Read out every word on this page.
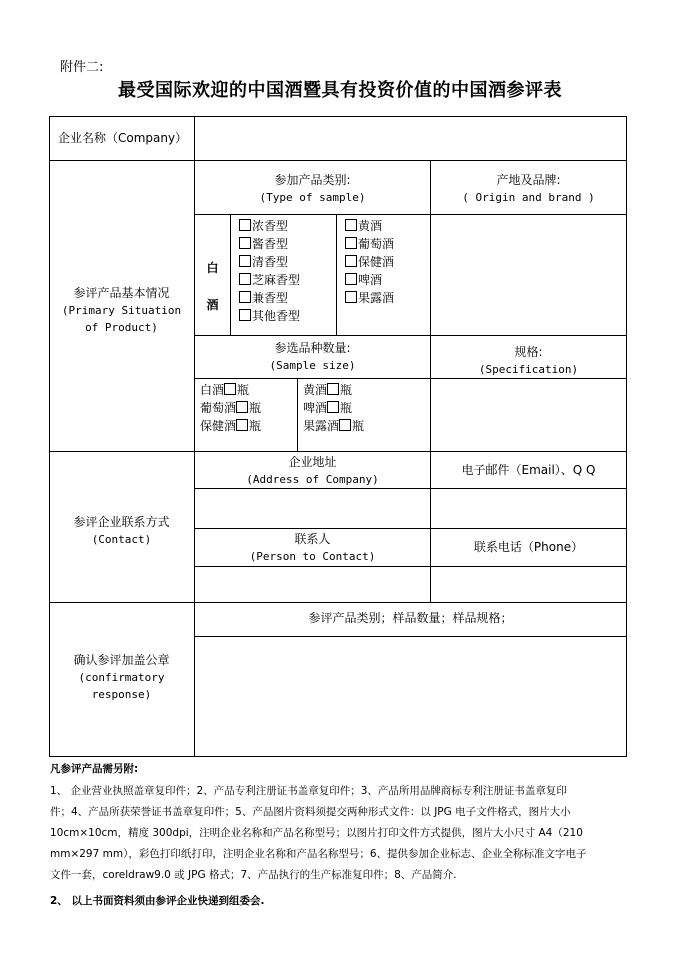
附件二:
最受国际欢迎的中国酒暨具有投资价值的中国酒参评表
企业名称（Company）
参评产品基本情况
(Primary Situation
of Product)
参加产品类别:
(Type of sample)
产地及品牌:
( Origin and brand )
白
酒
浓香型
酱香型
清香型
芝麻香型
兼香型
其他香型
黄酒
葡萄酒
保健酒
啤酒
果露酒
参选品种数量:
(Sample size)
规格:
(Specification)
白酒 瓶
葡萄酒 瓶
保健酒 瓶
黄酒 瓶
啤酒 瓶
果露酒 瓶
参评企业联系方式
(Contact)
企业地址
(Address of Company)
电子邮件（Email）、Q Q
联系人
(Person to Contact)
联系电话（Phone）
确认参评加盖公章
(confirmatory
response)
参评产品类别；样品数量；样品规格；
凡参评产品需另附:
1、 企业营业执照盖章复印件；2、产品专利注册证书盖章复印件；3、产品所用品牌商标专利注册证书盖章复印
件；4、产品所获荣誉证书盖章复印件；5、产品图片资料须提交两种形式文件：以 JPG 电子文件格式，图片大小
10cm×10cm，精度 300dpi，注明企业名称和产品名称型号；以图片打印文件方式提供，图片大小尺寸 A4（210
mm×297 mm），彩色打印纸打印，注明企业名称和产品名称型号；6、提供参加企业标志、企业全称标准文字电子
文件一套，coreldraw9.0 或 JPG 格式；7、产品执行的生产标准复印件；8、产品简介.
2、 以上书面资料须由参评企业快递到组委会.
